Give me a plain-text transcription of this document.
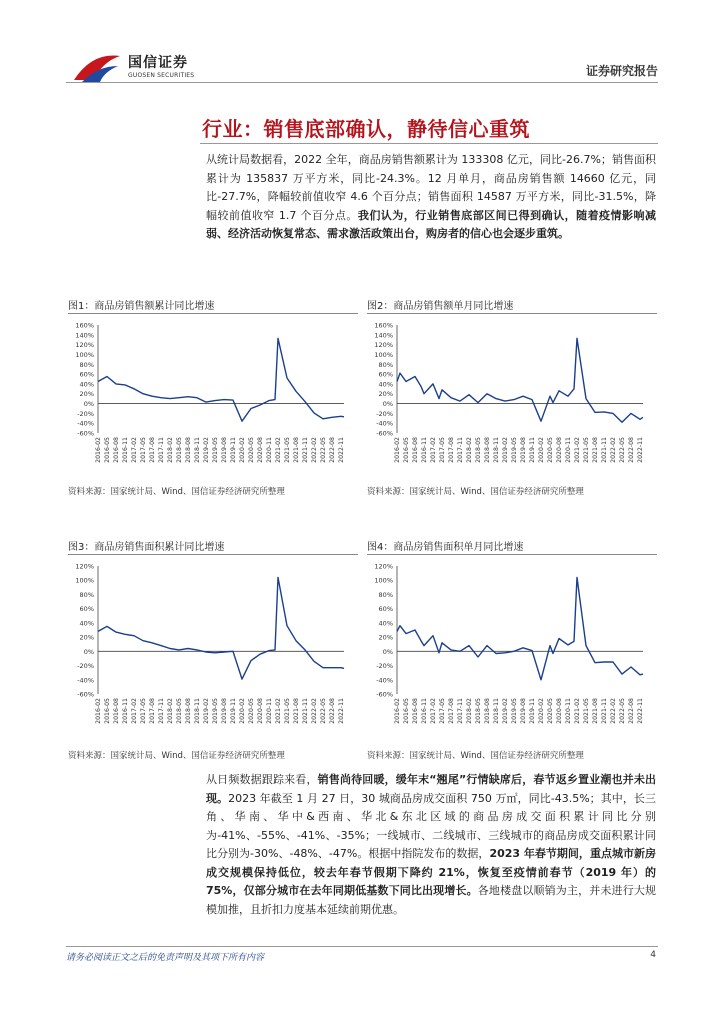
国信证券
GUOSEN SECURITIES	证券研究报告
行业：销售底部确认，静待信心重筑
从统计局数据看，2022 全年，商品房销售额累计为 133308 亿元，同比-26.7%；销售面积累计为 135837 万平方米，同比-24.3%。12 月单月，商品房销售额 14660 亿元，同比-27.7%，降幅较前值收窄 4.6 个百分点；销售面积 14587 万平方米，同比-31.5%，降幅较前值收窄 1.7 个百分点。我们认为，行业销售底部区间已得到确认，随着疫情影响减弱、经济活动恢复常态、需求激活政策出台，购房者的信心也会逐步重筑。
图1：商品房销售额累计同比增速
160%
140%
120%
100%
80%
60%
40%
20%
0%
-20%
-40%
-60%
2016-02 2016-05 2016-08 2016-11 2017-02 2017-05 2017-08 2017-11 2018-02 2018-05 2018-08 2018-11 2019-02 2019-05 2019-08 2019-11 2020-02 2020-05 2020-08 2020-11 2021-02 2021-05 2021-08 2021-11 2022-02 2022-05 2022-08 2022-11
资料来源：国家统计局、Wind、国信证券经济研究所整理
图2：商品房销售额单月同比增速
160%
140%
120%
100%
80%
60%
40%
20%
0%
-20%
-40%
-60%
2016-02 2016-05 2016-08 2016-11 2017-02 2017-05 2017-08 2017-11 2018-02 2018-05 2018-08 2018-11 2019-02 2019-05 2019-08 2019-11 2020-02 2020-05 2020-08 2020-11 2021-02 2021-05 2021-08 2021-11 2022-02 2022-05 2022-08 2022-11
资料来源：国家统计局、Wind、国信证券经济研究所整理
图3：商品房销售面积累计同比增速
120%
100%
80%
60%
40%
20%
0%
-20%
-40%
-60%
2016-02 2016-05 2016-08 2016-11 2017-02 2017-05 2017-08 2017-11 2018-02 2018-05 2018-08 2018-11 2019-02 2019-05 2019-08 2019-11 2020-02 2020-05 2020-08 2020-11 2021-02 2021-05 2021-08 2021-11 2022-02 2022-05 2022-08 2022-11
资料来源：国家统计局、Wind、国信证券经济研究所整理
图4：商品房销售面积单月同比增速
120%
100%
80%
60%
40%
20%
0%
-20%
-40%
-60%
2016-02 2016-05 2016-08 2016-11 2017-02 2017-05 2017-08 2017-11 2018-02 2018-05 2018-08 2018-11 2019-02 2019-05 2019-08 2019-11 2020-02 2020-05 2020-08 2020-11 2021-02 2021-05 2021-08 2021-11 2022-02 2022-05 2022-08 2022-11
资料来源：国家统计局、Wind、国信证券经济研究所整理
从日频数据跟踪来看，销售尚待回暖，缓年末“翘尾”行情缺席后，春节返乡置业潮也并未出现。2023 年截至 1 月 27 日，30 城商品房成交面积 750 万㎡，同比-43.5%；其中，长三角、华南、华中&西南、华北&东北区域的商品房成交面积累计同比分别为-41%、-55%、-41%、-35%；一线城市、二线城市、三线城市的商品房成交面积累计同比分别为-30%、-48%、-47%。根据中指院发布的数据，2023 年春节期间，重点城市新房成交规模保持低位，较去年春节假期下降约 21%，恢复至疫情前春节（2019 年）的 75%，仅部分城市在去年同期低基数下同比出现增长。各地楼盘以顺销为主，并未进行大规模加推，且折扣力度基本延续前期优惠。
请务必阅读正文之后的免责声明及其项下所有内容	4
